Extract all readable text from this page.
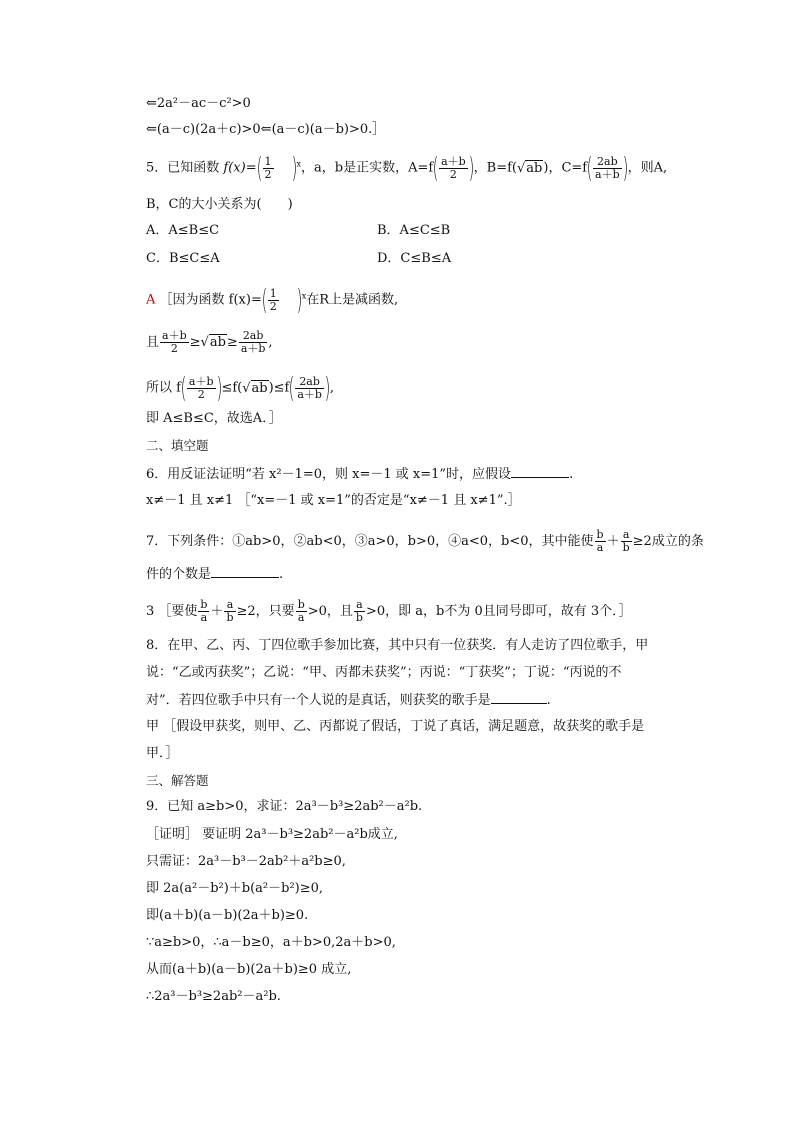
⇐2a²－ac－c²>0
⇐(a－c)(2a＋c)>0⇐(a－c)(a－b)>0.］
5．已知函数 $f(x)=( \frac{1}{2} )^x$，a，b是正实数，$A=f( \frac{a+b}{2}$ )，B=f(√ab)，$C=f( \frac{2ab}{a+b}$ )，则A,
B，C的大小关系为(　　)
A．A≤B≤C	B．A≤C≤B
C．B≤C≤A	D．C≤B≤A
A ［因为函数 $f(x)=( \frac{1}{2} )^x$在R上是减函数,
且 $\frac{a+b}{2} \ge√ab\ge \frac{2ab}{a+b}$ ,
所以 $f( \frac{a+b}{2} )\le f(√ab)\le f( \frac{2ab}{a+b}$ ),
即 A≤B≤C，故选A．］
二、填空题
6．用反证法证明“若 x²－1=0，则 x=－1 或 x=1”时，应假设	.
x≠－1 且 x≠1 ［“x=－1 或 x=1”的否定是“x≠－1 且 x≠1”.］
7．下列条件：①ab>0，②ab<0，③a>0，b>0，④a<0，b<0，其中能使 $\frac{b}{a} + \frac{a}{b} \ge 2$成立的条
件的个数是	.
3 ［要使 $\frac{b}{a} + \frac{a}{b} \ge 2$，只要 $\frac{b}{a} >0$，且 $\frac{a}{b} >0$，即 a，b不为 0且同号即可，故有 3个．］
8．在甲、乙、丙、丁四位歌手参加比赛，其中只有一位获奖．有人走访了四位歌手，甲
说：“乙或丙获奖”；乙说：“甲、丙都未获奖”；丙说：“丁获奖”；丁说：“丙说的不
对”．若四位歌手中只有一个人说的是真话，则获奖的歌手是	.
甲 ［假设甲获奖，则甲、乙、丙都说了假话，丁说了真话，满足题意，故获奖的歌手是
甲．］
三、解答题
9．已知 a≥b>0，求证：2a³－b³≥2ab²－a²b.
［证明］ 要证明 2a³－b³≥2ab²－a²b成立,
只需证：2a³－b³－2ab²＋a²b≥0,
即 2a(a²－b²)＋b(a²－b²)≥0,
即(a＋b)(a－b)(2a＋b)≥0.
∵a≥b>0，∴a－b≥0，a＋b>0,2a＋b>0,
从而(a＋b)(a－b)(2a＋b)≥0 成立,
∴2a³－b³≥2ab²－a²b.
